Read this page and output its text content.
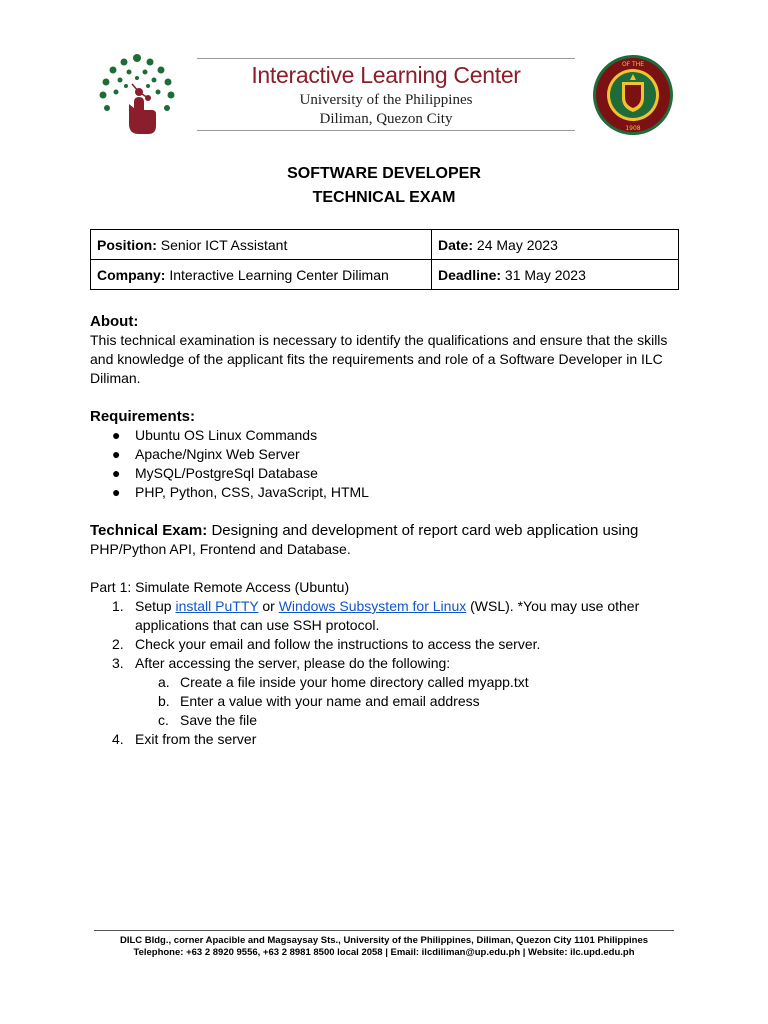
Interactive Learning Center
University of the Philippines
Diliman, Quezon City
OF THE
1908
SOFTWARE DEVELOPER
TECHNICAL EXAM
Position: Senior ICT Assistant	Date: 24 May 2023
Company: Interactive Learning Center Diliman	Deadline: 31 May 2023
About:
This technical examination is necessary to identify the qualifications and ensure that the skills
and knowledge of the applicant fits the requirements and role of a Software Developer in ILC
Diliman.
Requirements:
● Ubuntu OS Linux Commands
● Apache/Nginx Web Server
● MySQL/PostgreSql Database
● PHP, Python, CSS, JavaScript, HTML
Technical Exam: Designing and development of report card web application using
PHP/Python API, Frontend and Database.
Part 1: Simulate Remote Access (Ubuntu)
1. Setup install PuTTY or Windows Subsystem for Linux (WSL). *You may use other
applications that can use SSH protocol.
2. Check your email and follow the instructions to access the server.
3. After accessing the server, please do the following:
a. Create a file inside your home directory called myapp.txt
b. Enter a value with your name and email address
c. Save the file
4. Exit from the server
DILC Bldg., corner Apacible and Magsaysay Sts., University of the Philippines, Diliman, Quezon City 1101 Philippines
Telephone: +63 2 8920 9556, +63 2 8981 8500 local 2058 | Email: ilcdiliman@up.edu.ph | Website: ilc.upd.edu.ph
